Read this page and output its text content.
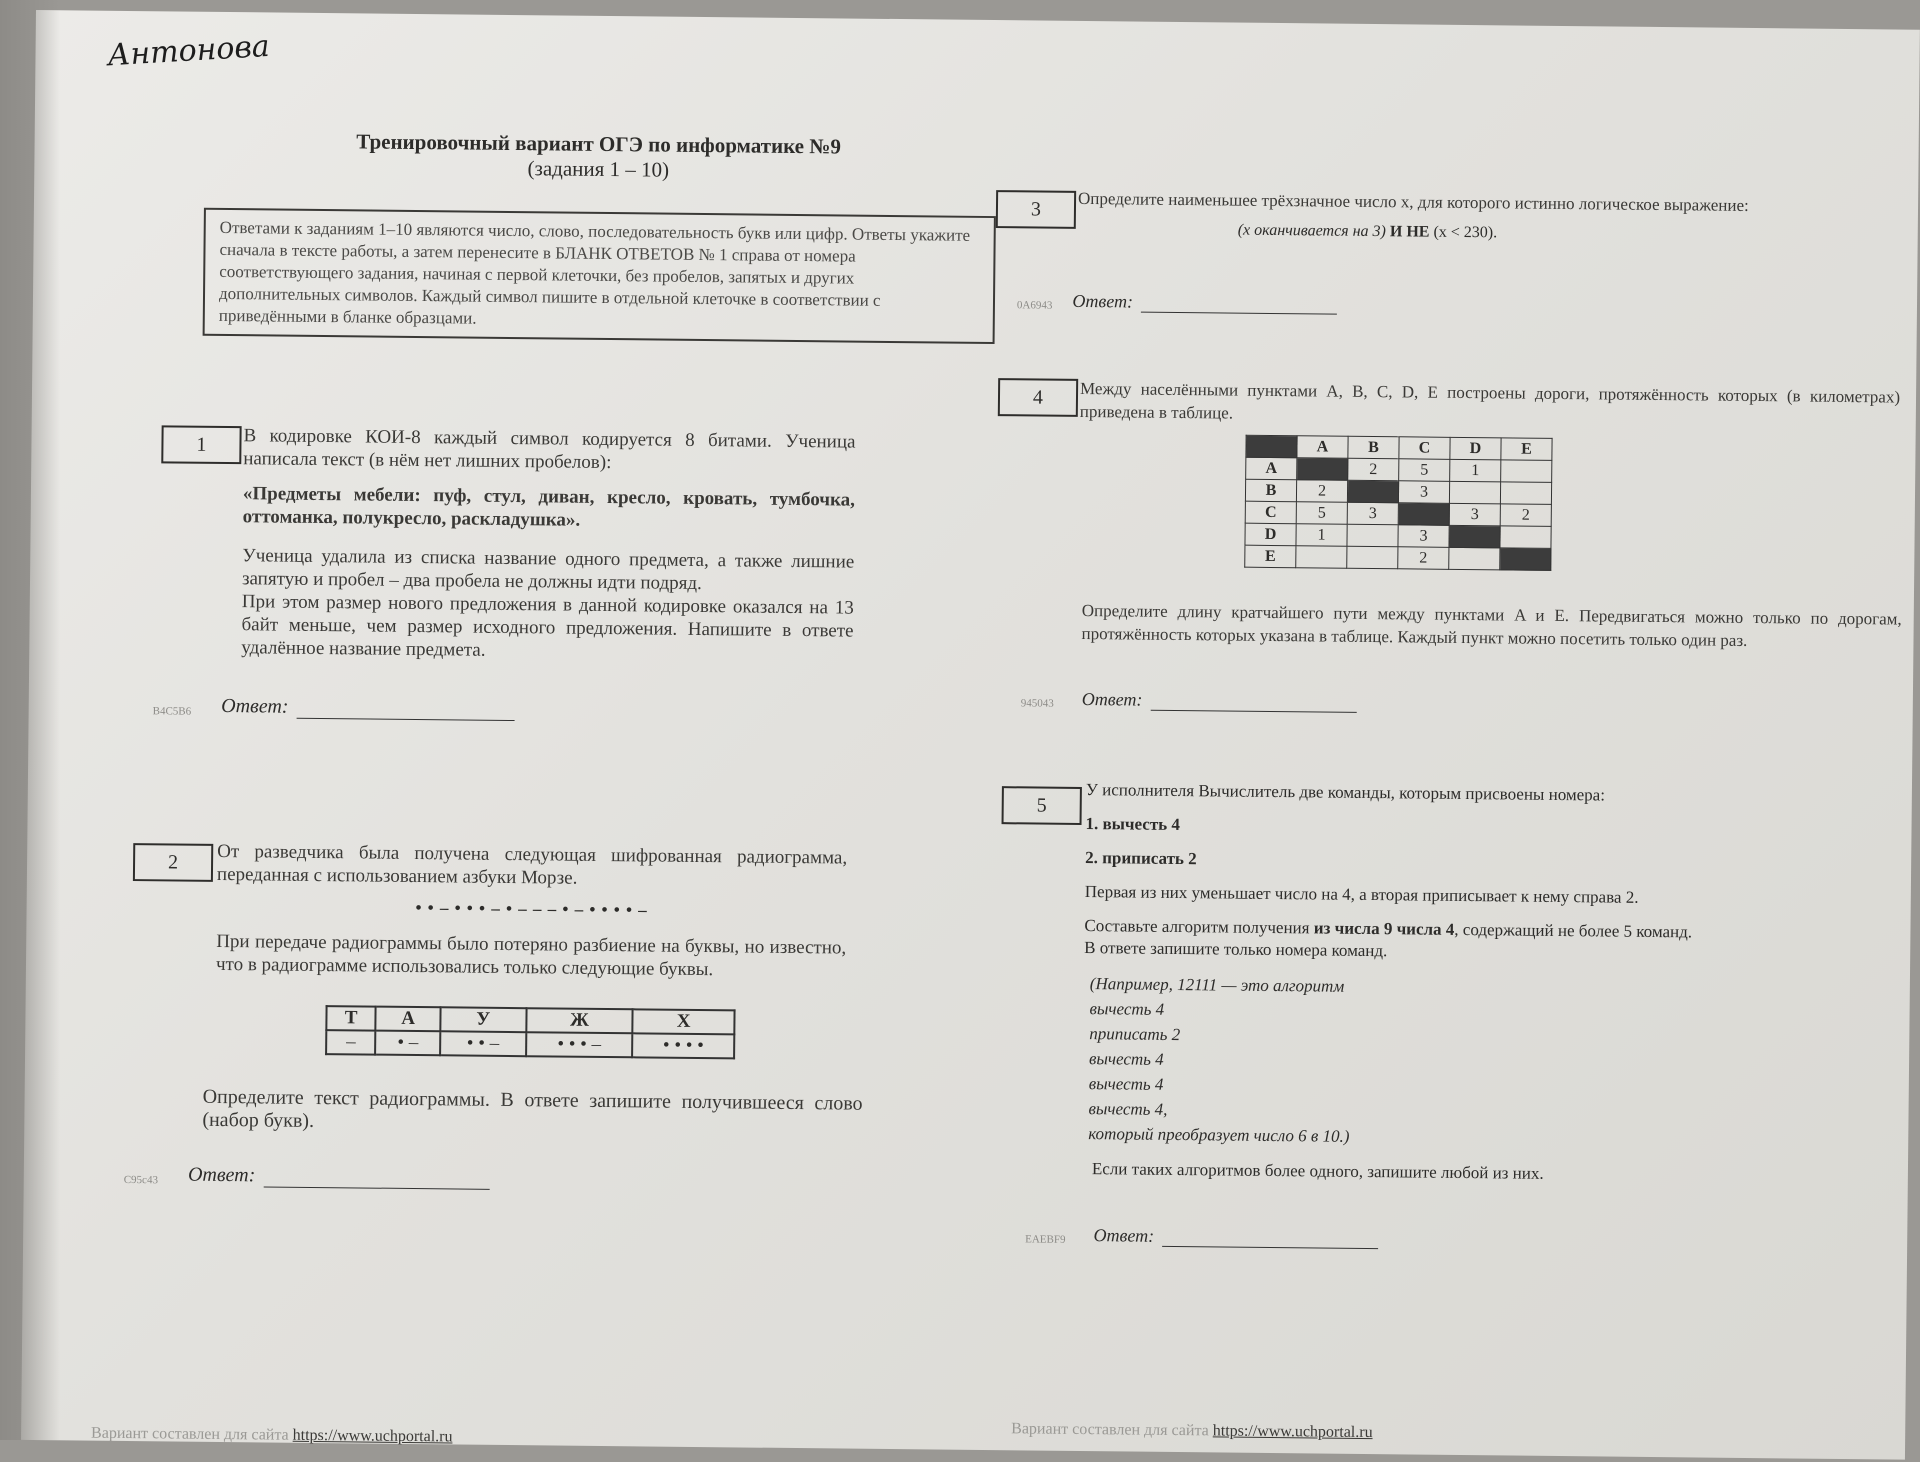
Антонова
Тренировочный вариант ОГЭ по информатике №9
(задания 1 – 10)
Ответами к заданиям 1–10 являются число, слово, последовательность букв или цифр. Ответы укажите сначала в тексте работы, а затем перенесите в БЛАНК ОТВЕТОВ № 1 справа от номера соответствующего задания, начиная с первой клеточки, без пробелов, запятых и других дополнительных символов. Каждый символ пишите в отдельной клеточке в соответствии с приведёнными в бланке образцами.
1	В кодировке КОИ-8 каждый символ кодируется 8 битами. Ученица написала текст (в нём нет лишних пробелов):
«Предметы мебели: пуф, стул, диван, кресло, кровать, тумбочка, оттоманка, полукресло, раскладушка».
Ученица удалила из списка название одного предмета, а также лишние запятую и пробел – два пробела не должны идти подряд.
При этом размер нового предложения в данной кодировке оказался на 13 байт меньше, чем размер исходного предложения. Напишите в ответе удалённое название предмета.
В4С5В6 Ответ:
2	От разведчика была получена следующая шифрованная радиограмма, переданная с использованием азбуки Морзе.
• • – • • • – • – – – • – • • • • –
При передаче радиограммы было потеряно разбиение на буквы, но известно, что в радиограмме использовались только следующие буквы.
Т	А	У	Ж	Х
–	• –	• • –	• • • –	• • • •
Определите текст радиограммы. В ответе запишите получившееся слово (набор букв).
С95с43 Ответ:
3	Определите наименьшее трёхзначное число x, для которого истинно логическое выражение:
(x оканчивается на 3) И НЕ (x < 230).
0А6943 Ответ:
4	Между населёнными пунктами A, B, C, D, E построены дороги, протяжённость которых (в километрах) приведена в таблице.
	A	B	C	D	E
A		2	5	1	
B	2		3		
C	5	3		3	2
D	1		3		
E			2		
Определите длину кратчайшего пути между пунктами A и E. Передвигаться можно только по дорогам, протяжённость которых указана в таблице. Каждый пункт можно посетить только один раз.
945043 Ответ:
5
У исполнителя Вычислитель две команды, которым присвоены номера:
1. вычесть 4
2. приписать 2
Первая из них уменьшает число на 4, а вторая приписывает к нему справа 2.
Составьте алгоритм получения из числа 9 числа 4, содержащий не более 5 команд.
В ответе запишите только номера команд.
(Например, 12111 — это алгоритм
вычесть 4
приписать 2
вычесть 4
вычесть 4
вычесть 4,
который преобразует число 6 в 10.)
Если таких алгоритмов более одного, запишите любой из них.
ЕАЕВF9 Ответ:
Вариант составлен для сайта https://www.uchportal.ru	Вариант составлен для сайта https://www.uchportal.ru
